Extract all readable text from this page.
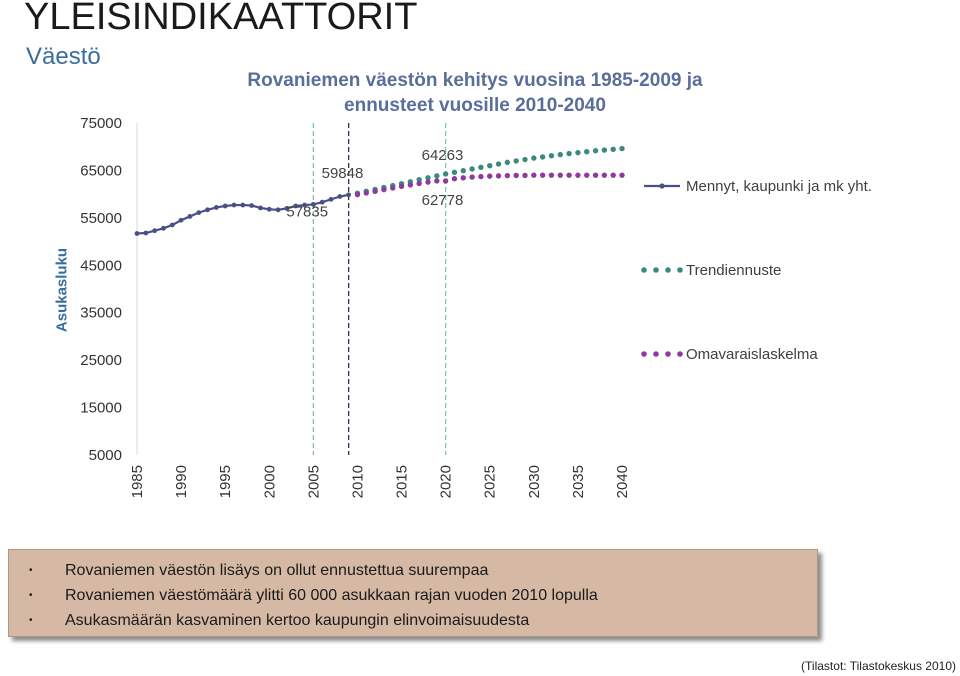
YLEISINDIKAATTORIT
Väestö
Rovaniemen väestön kehitys vuosina 1985-2009 ja
ennusteet vuosille 2010-2040
Asukasluku
75000
65000
55000
45000
35000
25000
15000
5000
1985 1990 1995 2000 2005 2010 2015 2020 2025 2030 2035 2040
57835
59848
64263
62778
Mennyt, kaupunki ja mk yht.
Trendiennuste
Omavaraislaskelma
• Rovaniemen väestön lisäys on ollut ennustettua suurempaa
• Rovaniemen väestömäärä ylitti 60 000 asukkaan rajan vuoden 2010 lopulla
• Asukasmäärän kasvaminen kertoo kaupungin elinvoimaisuudesta
(Tilastot: Tilastokeskus 2010)
